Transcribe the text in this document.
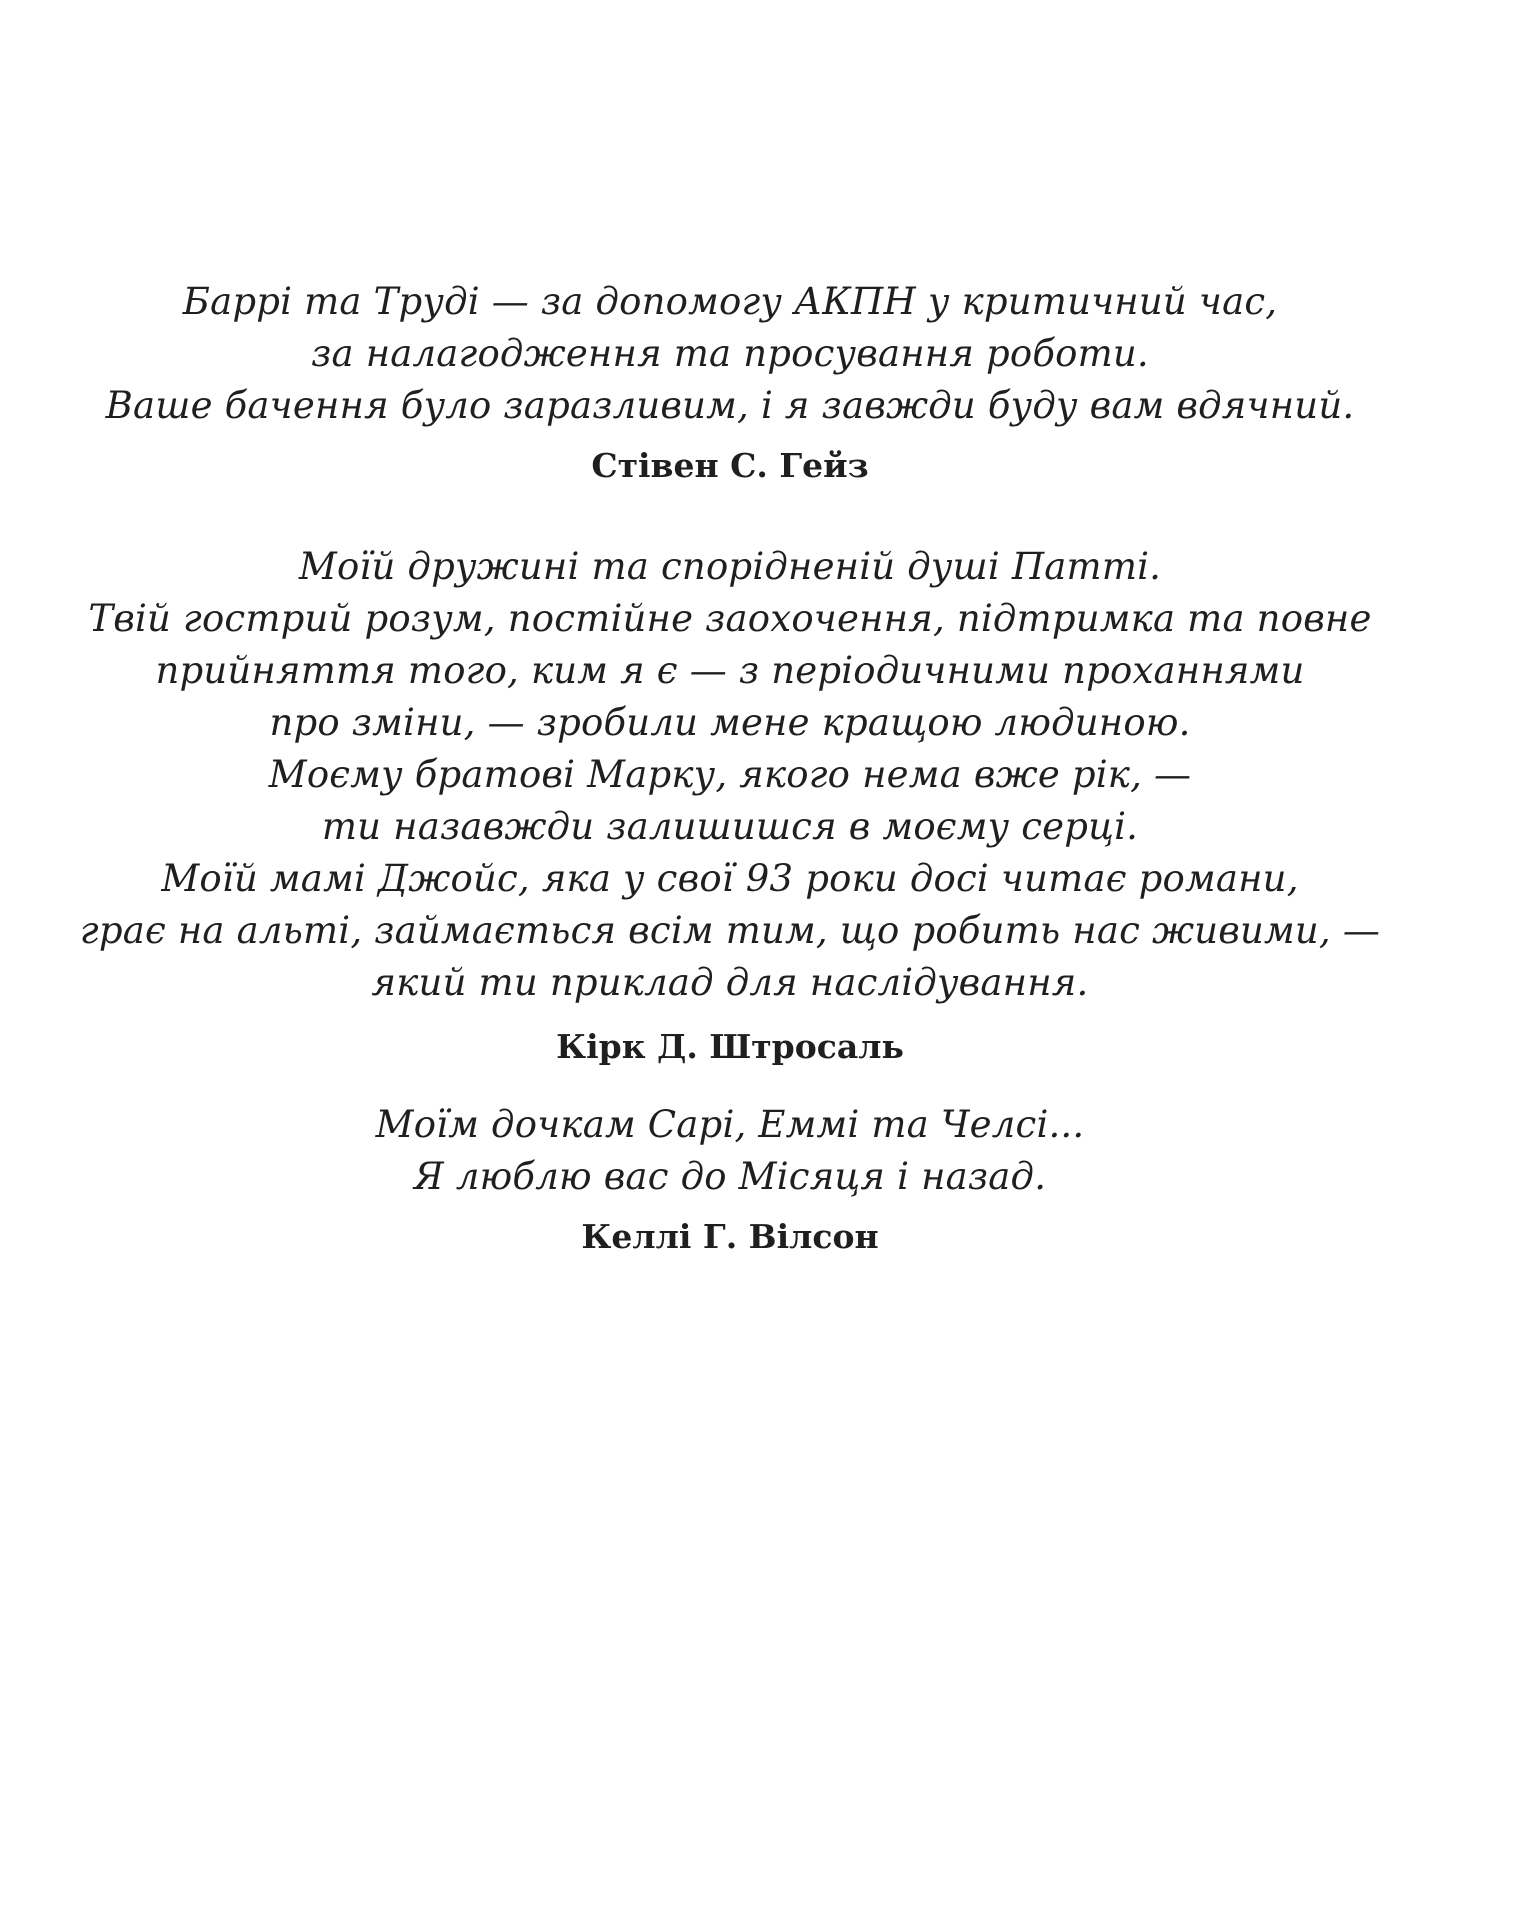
Баррі та Труді — за допомогу АКПН у критичний час,
за налагодження та просування роботи.
Ваше бачення було заразливим, і я завжди буду вам вдячний.
Стівен С. Гейз
Моїй дружині та спорідненій душі Патті.
Твій гострий розум, постійне заохочення, підтримка та повне
прийняття того, ким я є — з періодичними проханнями
про зміни, — зробили мене кращою людиною.
Моєму братові Марку, якого нема вже рік, —
ти назавжди залишишся в моєму серці.
Моїй мамі Джойс, яка у свої 93 роки досі читає романи,
грає на альті, займається всім тим, що робить нас живими, —
який ти приклад для наслідування.
Кірк Д. Штросаль
Моїм дочкам Сарі, Еммі та Челсі...
Я люблю вас до Місяця і назад.
Келлі Г. Вілсон
